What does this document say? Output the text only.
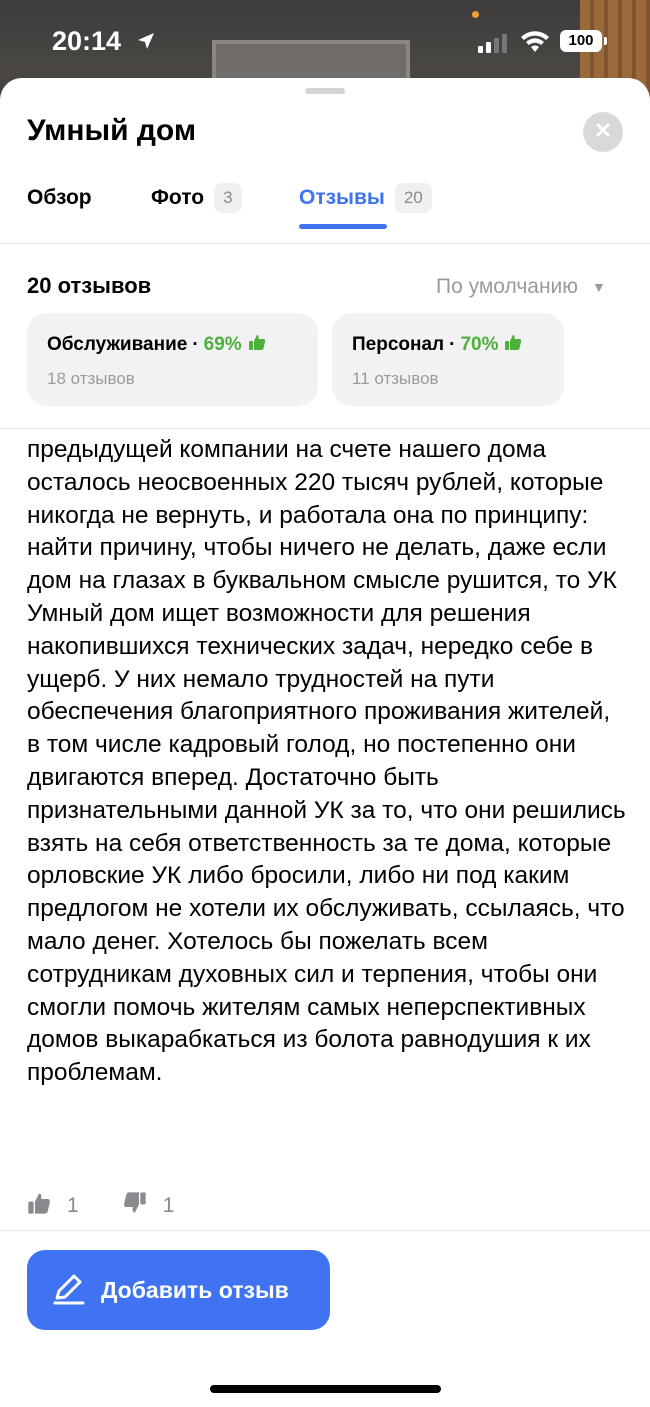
20:14	100
Умный дом
Обзор	Фото	3	Отзывы	20
20 отзывов	По умолчанию ▼
Обслуживание · 69%
18 отзывов
Персонал · 70%
11 отзывов
предыдущей компании на счете нашего дома осталось неосвоенных 220 тысяч рублей, которые никогда не вернуть, и работала она по принципу: найти причину, чтобы ничего не делать, даже если дом на глазах в буквальном смысле рушится, то УК Умный дом ищет возможности для решения накопившихся технических задач, нередко себе в ущерб. У них немало трудностей на пути обеспечения благоприятного проживания жителей, в том числе кадровый голод, но постепенно они двигаются вперед. Достаточно быть признательными данной УК за то, что они решились взять на себя ответственность за те дома, которые орловские УК либо бросили, либо ни под каким предлогом не хотели их обслуживать, ссылаясь, что мало денег. Хотелось бы пожелать всем сотрудникам духовных сил и терпения, чтобы они смогли помочь жителям самых неперспективных домов выкарабкаться из болота равнодушия к их проблемам.
1	1
Добавить отзыв
